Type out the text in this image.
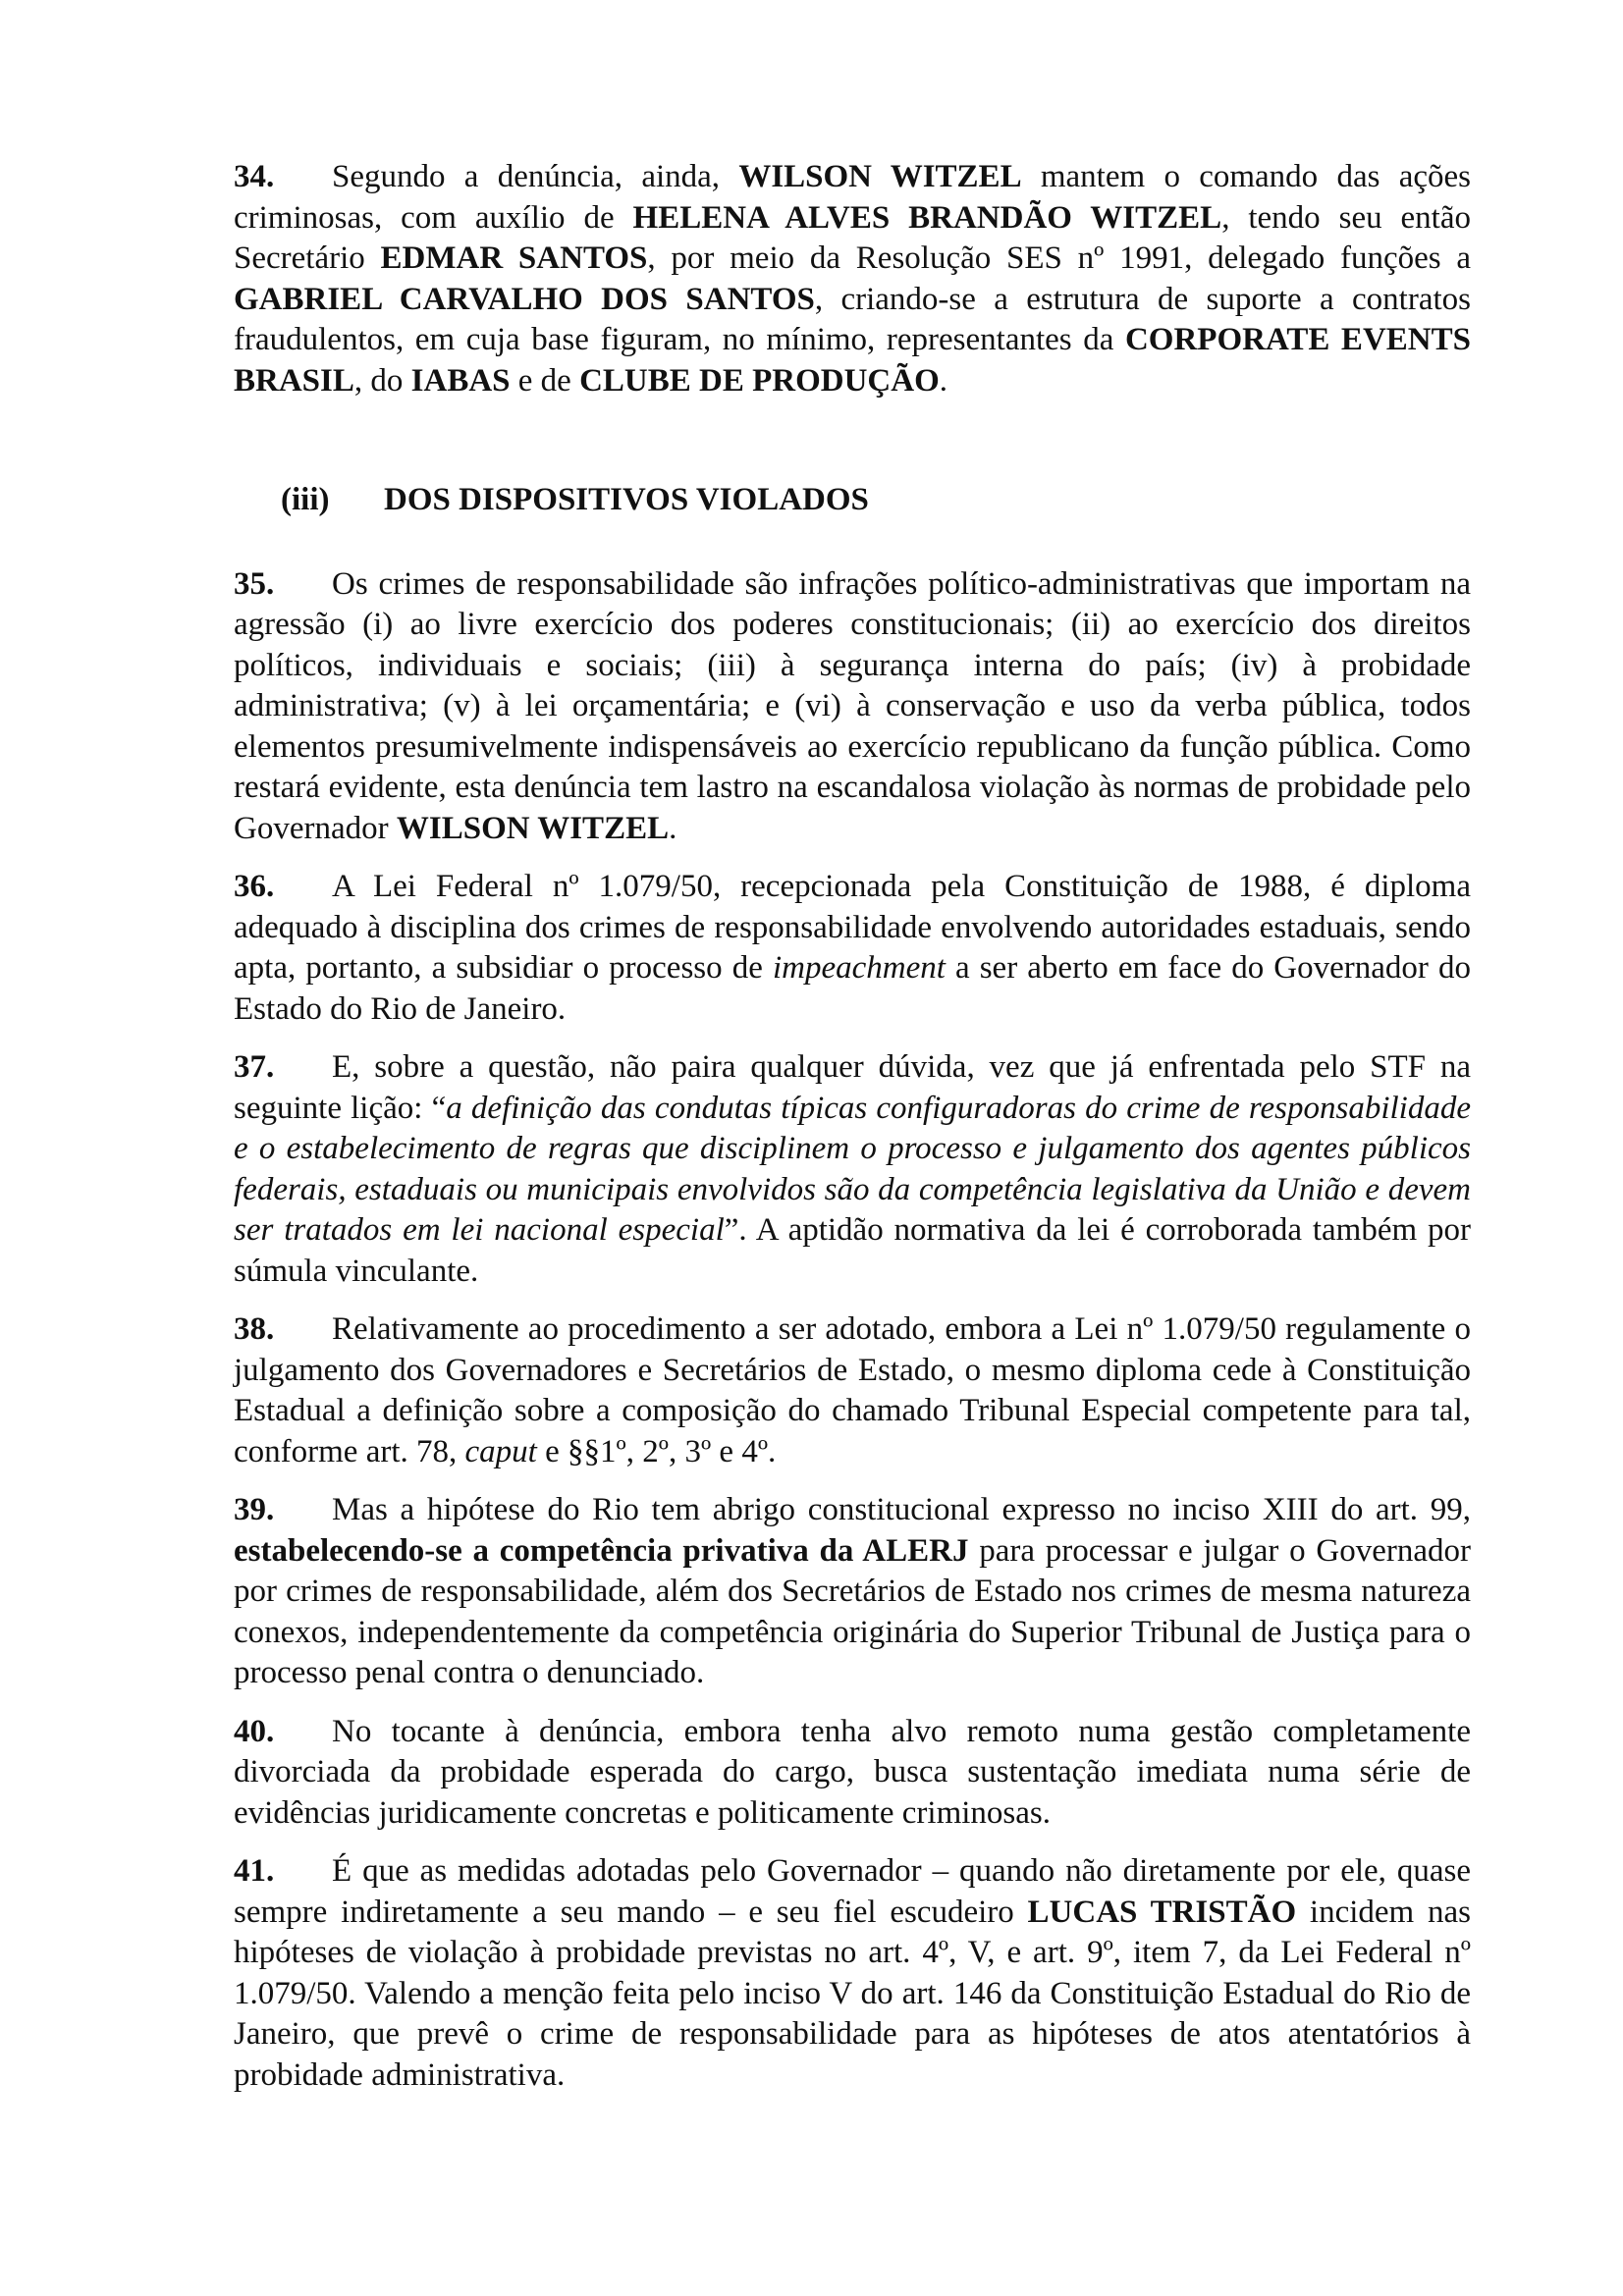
34. Segundo a denúncia, ainda, WILSON WITZEL mantem o comando das ações criminosas, com auxílio de HELENA ALVES BRANDÃO WITZEL, tendo seu então Secretário EDMAR SANTOS, por meio da Resolução SES nº 1991, delegado funções a GABRIEL CARVALHO DOS SANTOS, criando-se a estrutura de suporte a contratos fraudulentos, em cuja base figuram, no mínimo, representantes da CORPORATE EVENTS BRASIL, do IABAS e de CLUBE DE PRODUÇÃO.

(iii) DOS DISPOSITIVOS VIOLADOS

35. Os crimes de responsabilidade são infrações político-administrativas que importam na agressão (i) ao livre exercício dos poderes constitucionais; (ii) ao exercício dos direitos políticos, individuais e sociais; (iii) à segurança interna do país; (iv) à probidade administrativa; (v) à lei orçamentária; e (vi) à conservação e uso da verba pública, todos elementos presumivelmente indispensáveis ao exercício republicano da função pública. Como restará evidente, esta denúncia tem lastro na escandalosa violação às normas de probidade pelo Governador WILSON WITZEL.

36. A Lei Federal nº 1.079/50, recepcionada pela Constituição de 1988, é diploma adequado à disciplina dos crimes de responsabilidade envolvendo autoridades estaduais, sendo apta, portanto, a subsidiar o processo de impeachment a ser aberto em face do Governador do Estado do Rio de Janeiro.

37. E, sobre a questão, não paira qualquer dúvida, vez que já enfrentada pelo STF na seguinte lição: “a definição das condutas típicas configuradoras do crime de responsabilidade e o estabelecimento de regras que disciplinem o processo e julgamento dos agentes públicos federais, estaduais ou municipais envolvidos são da competência legislativa da União e devem ser tratados em lei nacional especial”. A aptidão normativa da lei é corroborada também por súmula vinculante.

38. Relativamente ao procedimento a ser adotado, embora a Lei nº 1.079/50 regulamente o julgamento dos Governadores e Secretários de Estado, o mesmo diploma cede à Constituição Estadual a definição sobre a composição do chamado Tribunal Especial competente para tal, conforme art. 78, caput e §§1º, 2º, 3º e 4º.

39. Mas a hipótese do Rio tem abrigo constitucional expresso no inciso XIII do art. 99, estabelecendo-se a competência privativa da ALERJ para processar e julgar o Governador por crimes de responsabilidade, além dos Secretários de Estado nos crimes de mesma natureza conexos, independentemente da competência originária do Superior Tribunal de Justiça para o processo penal contra o denunciado.

40. No tocante à denúncia, embora tenha alvo remoto numa gestão completamente divorciada da probidade esperada do cargo, busca sustentação imediata numa série de evidências juridicamente concretas e politicamente criminosas.

41. É que as medidas adotadas pelo Governador – quando não diretamente por ele, quase sempre indiretamente a seu mando – e seu fiel escudeiro LUCAS TRISTÃO incidem nas hipóteses de violação à probidade previstas no art. 4º, V, e art. 9º, item 7, da Lei Federal nº 1.079/50. Valendo a menção feita pelo inciso V do art. 146 da Constituição Estadual do Rio de Janeiro, que prevê o crime de responsabilidade para as hipóteses de atos atentatórios à probidade administrativa.
